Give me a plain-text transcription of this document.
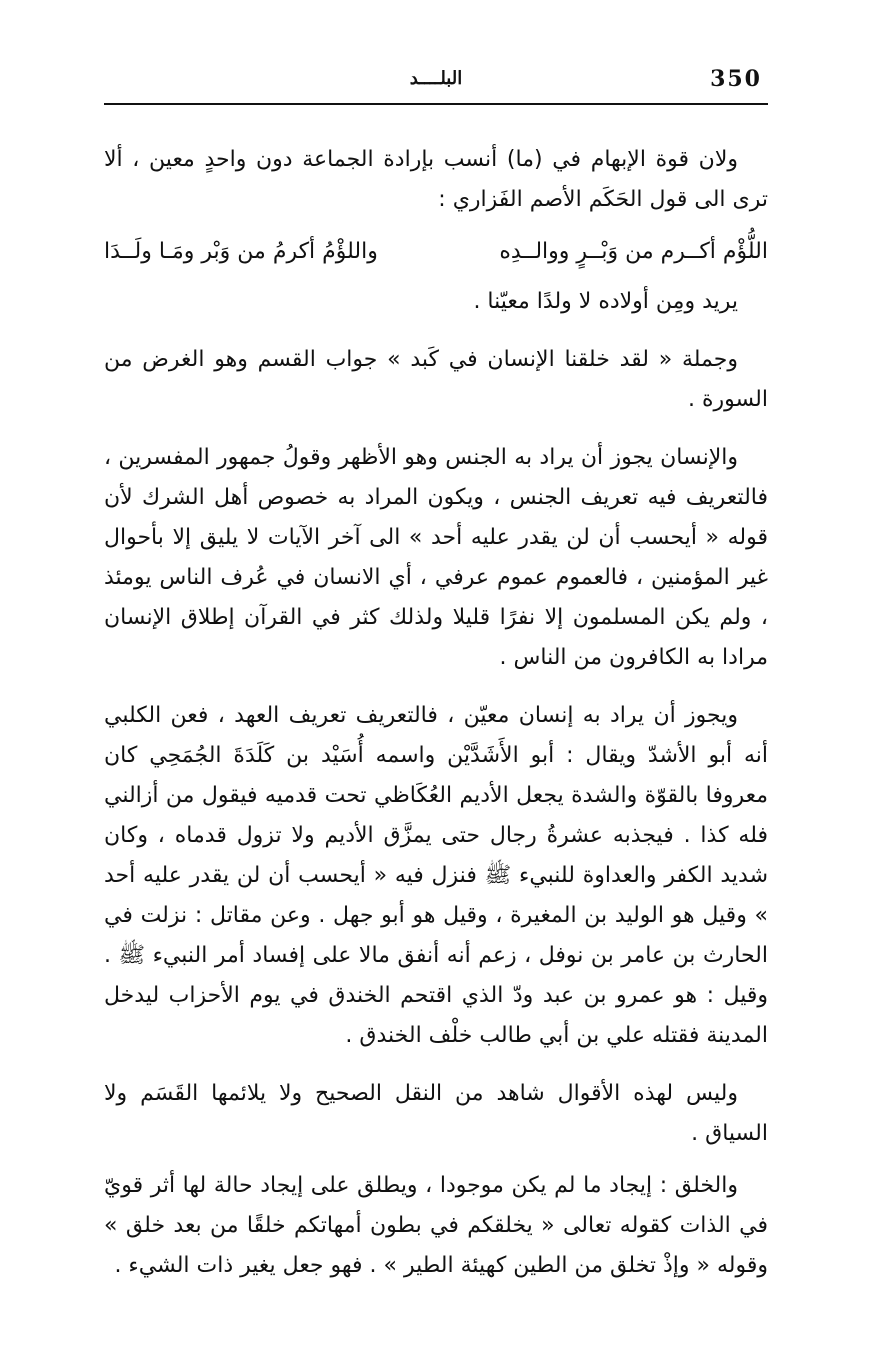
350
البلــــد

ولان قوة الإبهام في (ما) أنسب بإرادة الجماعة دون واحدٍ معين ، ألا ترى الى قول الحَكَم الأصم الفَزاري :

اللُّؤْم أكــرم من وَبْــرٍ ووالــدِه
واللؤْمُ أكرمُ من وَبْر ومَـا ولَــدَا

يريد ومِن أولاده لا ولدًا معيّنا .

وجملة « لقد خلقنا الإنسان في كَبد » جواب القسم وهو الغرض من السورة .

والإنسان يجوز أن يراد به الجنس وهو الأظهر وقولُ جمهور المفسرين ، فالتعريف فيه تعريف الجنس ، ويكون المراد به خصوص أهل الشرك لأن قوله « أيحسب أن لن يقدر عليه أحد » الى آخر الآيات لا يليق إلا بأحوال غير المؤمنين ، فالعموم عموم عرفي ، أي الانسان في عُرف الناس يومئذ ، ولم يكن المسلمون إلا نفرًا قليلا ولذلك كثر في القرآن إطلاق الإنسان مرادا به الكافرون من الناس .

ويجوز أن يراد به إنسان معيّن ، فالتعريف تعريف العهد ، فعن الكلبي أنه أبو الأشدّ ويقال : أبو الأَشَدَّيْن واسمه أُسَيْد بن كَلَدَةَ الجُمَحِي كان معروفا بالقوّة والشدة يجعل الأديم العُكَاظي تحت قدميه فيقول من أزالني فله كذا . فيجذبه عشرةُ رجال حتى يمزَّق الأديم ولا تزول قدماه ، وكان شديد الكفر والعداوة للنبيء ﷺ فنزل فيه « أيحسب أن لن يقدر عليه أحد » وقيل هو الوليد بن المغيرة ، وقيل هو أبو جهل . وعن مقاتل : نزلت في الحارث بن عامر بن نوفل ، زعم أنه أنفق مالا على إفساد أمر النبيء ﷺ . وقيل : هو عمرو بن عبد ودّ الذي اقتحم الخندق في يوم الأحزاب ليدخل المدينة فقتله علي بن أبي طالب خلْف الخندق .

وليس لهذه الأقوال شاهد من النقل الصحيح ولا يلائمها القَسَم ولا السياق .

والخلق : إيجاد ما لم يكن موجودا ، ويطلق على إيجاد حالة لها أثر قويّ في الذات كقوله تعالى « يخلقكم في بطون أمهاتكم خلقًا من بعد خلق » وقوله « وإذْ تخلق من الطين كهيئة الطير » . فهو جعل يغير ذات الشيء .
